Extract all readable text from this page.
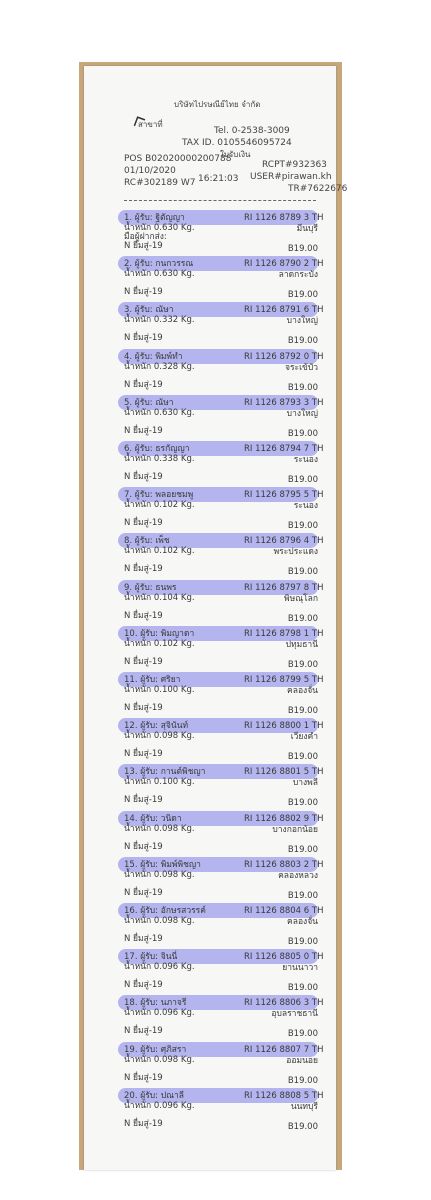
บริษัทไปรษณีย์ไทย จำกัด
สาขาที่
Tel. 0-2538-3009
TAX ID. 0105546095724
ใบรับเงิน
POS B020200002007​88
01/10/2020
16:21:03
RC#302189 W7
RCPT#932363
USER#pirawan.kh
TR#7622676
1. ผู้รับ: ฐิตัญญา	RI 1126 8789 3 TH
น้ำหนัก 0.630 Kg.
มือผู้ฝากส่ง:
N ยื่มสู่-19
มีนบุรี
B19.00
2. ผู้รับ: กนกวรรณ	RI 1126 8790 2 TH
น้ำหนัก 0.630 Kg.
N ยื่มสู่-19
ลาดกระบัง
B19.00
3. ผู้รับ: ณัษา	RI 1126 8791 6 TH
น้ำหนัก 0.332 Kg.
N ยื่มสู่-19
บางใหญ่
B19.00
4. ผู้รับ: พิมพ์ทำ	RI 1126 8792 0 TH
น้ำหนัก 0.328 Kg.
N ยื่มสู่-19
จระเข้บัว
B19.00
5. ผู้รับ: ณัษา	RI 1126 8793 3 TH
น้ำหนัก 0.630 Kg.
N ยื่มสู่-19
บางใหญ่
B19.00
6. ผู้รับ: ธรกัญญา	RI 1126 8794 7 TH
น้ำหนัก 0.338 Kg.
N ยื่มสู่-19
ระนอง
B19.00
7. ผู้รับ: พลอยชมพู	RI 1126 8795 5 TH
น้ำหนัก 0.102 Kg.
N ยื่มสู่-19
ระนอง
B19.00
8. ผู้รับ: เพ็ช	RI 1126 8796 4 TH
น้ำหนัก 0.102 Kg.
N ยื่มสู่-19
พระประแดง
B19.00
9. ผู้รับ: ธนพร	RI 1126 8797 8 TH
น้ำหนัก 0.104 Kg.
N ยื่มสู่-19
พิษณุโลก
B19.00
10. ผู้รับ: พิมญาดา	RI 1126 8798 1 TH
น้ำหนัก 0.102 Kg.
N ยื่มสู่-19
ปทุมธานี
B19.00
11. ผู้รับ: ศริยา	RI 1126 8799 5 TH
น้ำหนัก 0.100 Kg.
N ยื่มสู่-19
คลองจั่น
B19.00
12. ผู้รับ: สุจินันท์	RI 1126 8800 1 TH
น้ำหนัก 0.098 Kg.
N ยื่มสู่-19
เวียงคำ
B19.00
13. ผู้รับ: กานต์พิชญา	RI 1126 8801 5 TH
น้ำหนัก 0.100 Kg.
N ยื่มสู่-19
บางพลี
B19.00
14. ผู้รับ: วนิดา	RI 1126 8802 9 TH
น้ำหนัก 0.098 Kg.
N ยื่มสู่-19
บางกอกน้อย
B19.00
15. ผู้รับ: พิมพ์พิชญา	RI 1126 8803 2 TH
น้ำหนัก 0.098 Kg.
N ยื่มสู่-19
คลองหลวง
B19.00
16. ผู้รับ: อักษรสวรรค์	RI 1126 8804 6 TH
น้ำหนัก 0.098 Kg.
N ยื่มสู่-19
คลองจั่น
B19.00
17. ผู้รับ: จินนี่	RI 1126 8805 0 TH
น้ำหนัก 0.096 Kg.
N ยื่มสู่-19
ยานนาวา
B19.00
18. ผู้รับ: นภาจรี	RI 1126 8806 3 TH
น้ำหนัก 0.096 Kg.
N ยื่มสู่-19
อุบลราชธานี
B19.00
19. ผู้รับ: ศุภิสรา	RI 1126 8807 7 TH
น้ำหนัก 0.098 Kg.
N ยื่มสู่-19
ออมนอย
B19.00
20. ผู้รับ: ปณาลี	RI 1126 8808 5 TH
น้ำหนัก 0.096 Kg.
N ยื่มสู่-19
นนทบุรี
B19.00
